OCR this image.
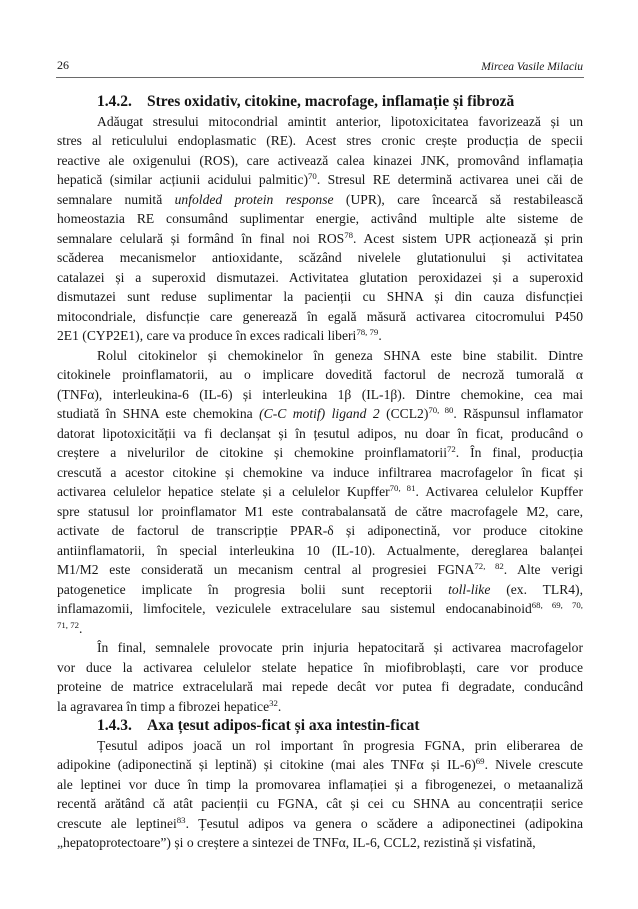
26	Mircea Vasile Milaciu
1.4.2. Stres oxidativ, citokine, macrofage, inflamație și fibroză
Adăugat stresului mitocondrial amintit anterior, lipotoxicitatea favorizează și un
stres al reticulului endoplasmatic (RE). Acest stres cronic crește producția de specii
reactive ale oxigenului (ROS), care activează calea kinazei JNK, promovând inflamația
hepatică (similar acțiunii acidului palmitic)$^{70}$. Stresul RE determină activarea unei căi de
semnalare numită unfolded protein response (UPR), care încearcă să restabilească
homeostazia RE consumând suplimentar energie, activând multiple alte sisteme de
semnalare celulară și formând în final noi ROS$^{78}$. Acest sistem UPR acționează și prin
scăderea mecanismelor antioxidante, scăzând nivelele glutationului și activitatea
catalazei și a superoxid dismutazei. Activitatea glutation peroxidazei și a superoxid
dismutazei sunt reduse suplimentar la pacienții cu SHNA și din cauza disfuncției
mitocondriale, disfuncție care generează în egală măsură activarea citocromului P450
2E1 (CYP2E1), care va produce în exces radicali liberi$^{78, 79}$.
Rolul citokinelor și chemokinelor în geneza SHNA este bine stabilit. Dintre
citokinele proinflamatorii, au o implicare dovedită factorul de necroză tumorală α
(TNFα), interleukina-6 (IL-6) și interleukina 1β (IL-1β). Dintre chemokine, cea mai
studiată în SHNA este chemokina (C-C motif) ligand 2 $(CCL2)^{70, 80}$. Răspunsul inflamator
datorat lipotoxicității va fi declanșat și în țesutul adipos, nu doar în ficat, producând o
creștere a nivelurilor de citokine și chemokine proinflamatorii$^{72}$. În final, producția
crescută a acestor citokine și chemokine va induce infiltrarea macrofagelor în ficat și
activarea celulelor hepatice stelate și a celulelor Kupffer$^{70, 81}$. Activarea celulelor Kupffer
spre statusul lor proinflamator M1 este contrabalansată de către macrofagele M2, care,
activate de factorul de transcripție PPAR-δ și adiponectină, vor produce citokine
antiinflamatorii, în special interleukina 10 (IL-10). Actualmente, dereglarea balanței
M1/M2 este considerată un mecanism central al progresiei FGNA$^{72, 82}$. Alte verigi
patogenetice implicate în progresia bolii sunt receptorii toll-like (ex. TLR4),
inflamazomii, limfocitele, veziculele extracelulare sau sistemul endocanabinoid$^{68, 69, 70,}$
$^{71, 72}$.
În final, semnalele provocate prin injuria hepatocitară și activarea macrofagelor
vor duce la activarea celulelor stelate hepatice în miofibroblaști, care vor produce
proteine de matrice extracelulară mai repede decât vor putea fi degradate, conducând
la agravarea în timp a fibrozei hepatice$^{32}$.
1.4.3. Axa țesut adipos-ficat și axa intestin-ficat
Țesutul adipos joacă un rol important în progresia FGNA, prin eliberarea de
adipokine (adiponectină și leptină) și citokine (mai ales TNFα și IL-6)$^{69}$. Nivele crescute
ale leptinei vor duce în timp la promovarea inflamației și a fibrogenezei, o metaanaliză
recentă arătând că atât pacienții cu FGNA, cât și cei cu SHNA au concentrații serice
crescute ale leptinei$^{83}$. Țesutul adipos va genera o scădere a adiponectinei (adipokina
„hepatoprotectoare”) și o creștere a sintezei de TNFα, IL-6, CCL2, rezistină și visfatină,
